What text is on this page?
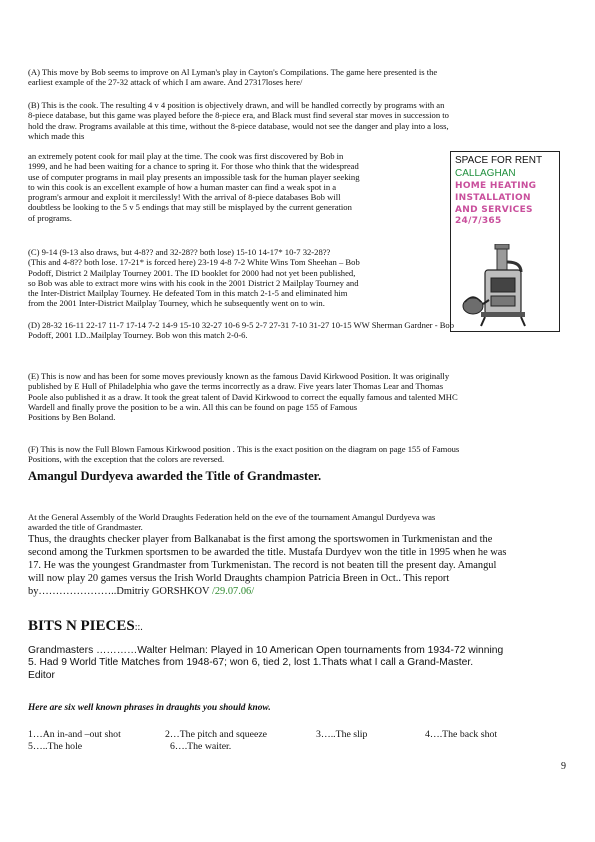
(A) This move by Bob seems to improve on Al Lyman's play in Cayton's Compilations. The game here presented is the
earliest example of the 27-32 attack of which I am aware. And 27317loses here/
(B) This is the cook. The resulting 4 v 4 position is objectively drawn, and will be handled correctly by programs with an
8-piece database, but this game was played before the 8-piece era, and Black must find several star moves in succession to
hold the draw. Programs available at this time, without the 8-piece database, would not see the danger and play into a loss,
which made this
an extremely potent cook for mail play at the time. The cook was first discovered by Bob in
1999, and he had been waiting for a chance to spring it. For those who think that the widespread
use of computer programs in mail play presents an impossible task for the human player seeking
to win this cook is an excellent example of how a human master can find a weak spot in a
program's armour and exploit it mercilessly! With the arrival of 8-piece databases Bob will
doubtless be looking to the 5 v 5 endings that may still be misplayed by the current generation
of programs.
(C) 9-14 (9-13 also draws, but 4-8?? and 32-28?? both lose) 15-10 14-17* 10-7 32-28??
(This and 4-8?? both lose. 17-21* is forced here) 23-19 4-8 7-2 White Wins Tom Sheehan – Bob
Podoff, District 2 Mailplay Tourney 2001. The ID booklet for 2000 had not yet been published,
so Bob was able to extract more wins with his cook in the 2001 District 2 Mailplay Tourney and
the Inter-District Mailplay Tourney. He defeated Tom in this match 2-1-5 and eliminated him
from the 2001 Inter-District Mailplay Tourney, which he subsequently went on to win.
SPACE FOR RENT
CALLAGHAN
HOME HEATING
INSTALLATION
AND SERVICES
24/7/365
(D) 28-32 16-11 22-17 11-7 17-14 7-2 14-9 15-10 32-27 10-6 9-5 2-7 27-31 7-10 31-27 10-15 WW Sherman Gardner - Bob
Podoff, 2001 I.D..Mailplay Tourney. Bob won this match 2-0-6.
(E) This is now and has been for some moves previously known as the famous David Kirkwood Position. It was originally
published by E Hull of Philadelphia who gave the terms incorrectly as a draw. Five years later Thomas Lear and Thomas
Poole also published it as a draw. It took the great talent of David Kirkwood to correct the equally famous and talented MHC
Wardell and finally prove the position to be a win. All this can be found on page 155 of Famous
Positions by Ben Boland.
(F) This is now the Full Blown Famous Kirkwood position . This is the exact position on the diagram on page 155 of Famous
Positions, with the exception that the colors are reversed.
Amangul Durdyeva awarded the Title of Grandmaster.
At the General Assembly of the World Draughts Federation held on the eve of the tournament Amangul Durdyeva was
awarded the title of Grandmaster.
Thus, the draughts checker player from Balkanabat is the first among the sportswomen in Turkmenistan and the
second among the Turkmen sportsmen to be awarded the title. Mustafa Durdyev won the title in 1995 when he was
17. He was the youngest Grandmaster from Turkmenistan. The record is not beaten till the present day. Amangul
will now play 20 games versus the Irish World Draughts champion Patricia Breen in Oct.. This report
by…………………..Dmitriy GORSHKOV /29.07.06/
BITS N PIECES::.
Grandmasters …………Walter Helman: Played in 10 American Open tournaments from 1934-72 winning
5. Had 9 World Title Matches from 1948-67; won 6, tied 2, lost 1.Thats what I call a Grand-Master.
Editor
Here are six well known phrases in draughts you should know.
1…An in-and –out shot	2…The pitch and squeeze	3…..The slip	4….The back shot
5…..The hole	6….The waiter.
9
